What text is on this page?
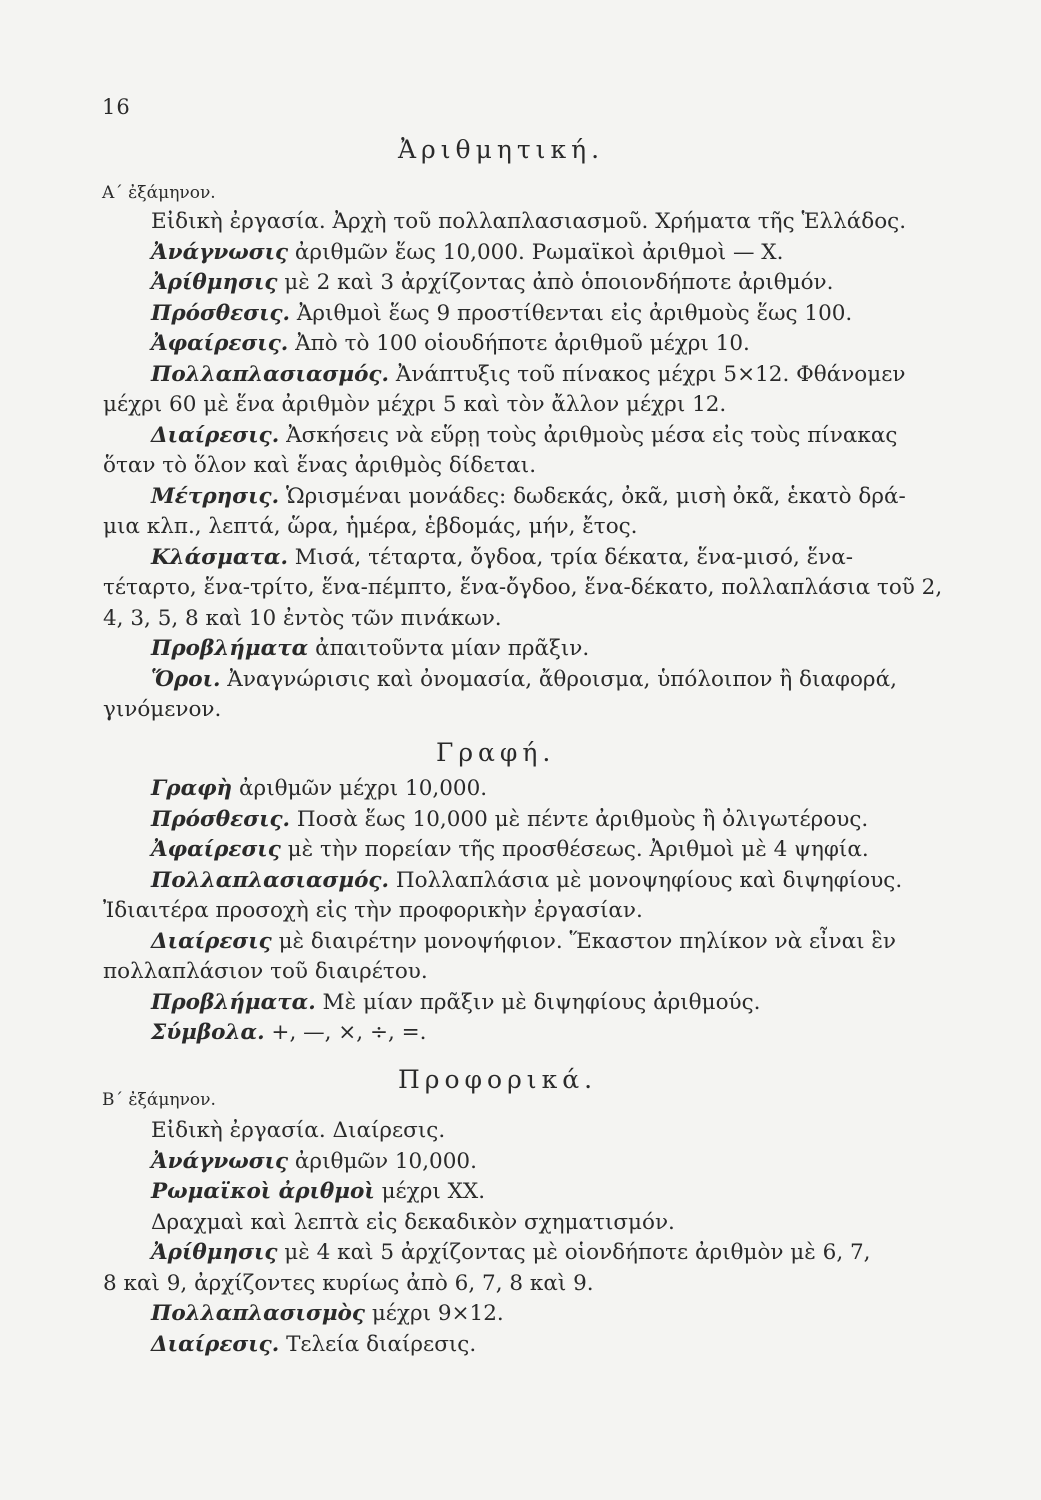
16
Ἀριθμητική.
Α΄ ἐξάμηνον.
Εἰδικὴ ἐργασία. Ἀρχὴ τοῦ πολλαπλασιασμοῦ. Χρήματα τῆς Ἑλλάδος.
Ἀνάγνωσις ἀριθμῶν ἕως 10,000. Ρωμαϊκοὶ ἀριθμοὶ — Χ.
Ἀρίθμησις μὲ 2 καὶ 3 ἀρχίζοντας ἀπὸ ὁποιονδήποτε ἀριθμόν.
Πρόσθεσις. Ἀριθμοὶ ἕως 9 προστίθενται εἰς ἀριθμοὺς ἕως 100.
Ἀφαίρεσις. Ἀπὸ τὸ 100 οἱουδήποτε ἀριθμοῦ μέχρι 10.
Πολλαπλασιασμός. Ἀνάπτυξις τοῦ πίνακος μέχρι 5×12. Φθάνομεν
μέχρι 60 μὲ ἕνα ἀριθμὸν μέχρι 5 καὶ τὸν ἄλλον μέχρι 12.
Διαίρεσις. Ἀσκήσεις νὰ εὕρῃ τοὺς ἀριθμοὺς μέσα εἰς τοὺς πίνακας
ὅταν τὸ ὅλον καὶ ἕνας ἀριθμὸς δίδεται.
Μέτρησις. Ὡρισμέναι μονάδες: δωδεκάς, ὀκᾶ, μισὴ ὀκᾶ, ἑκατὸ δρά-
μια κλπ., λεπτά, ὥρα, ἡμέρα, ἑβδομάς, μήν, ἔτος.
Κλάσματα. Μισά, τέταρτα, ὄγδοα, τρία δέκατα, ἕνα-μισό, ἕνα-
τέταρτο, ἕνα-τρίτο, ἕνα-πέμπτο, ἕνα-ὄγδοο, ἕνα-δέκατο, πολλαπλάσια τοῦ 2,
4, 3, 5, 8 καὶ 10 ἐντὸς τῶν πινάκων.
Προβλήματα ἀπαιτοῦντα μίαν πρᾶξιν.
Ὅροι. Ἀναγνώρισις καὶ ὀνομασία, ἄθροισμα, ὑπόλοιπον ἢ διαφορά,
γινόμενον.
Γραφή.
Γραφὴ ἀριθμῶν μέχρι 10,000.
Πρόσθεσις. Ποσὰ ἕως 10,000 μὲ πέντε ἀριθμοὺς ἢ ὀλιγωτέρους.
Ἀφαίρεσις μὲ τὴν πορείαν τῆς προσθέσεως. Ἀριθμοὶ μὲ 4 ψηφία.
Πολλαπλασιασμός. Πολλαπλάσια μὲ μονοψηφίους καὶ διψηφίους.
Ἰδιαιτέρα προσοχὴ εἰς τὴν προφορικὴν ἐργασίαν.
Διαίρεσις μὲ διαιρέτην μονοψήφιον. Ἕκαστον πηλίκον νὰ εἶναι ἓν
πολλαπλάσιον τοῦ διαιρέτου.
Προβλήματα. Μὲ μίαν πρᾶξιν μὲ διψηφίους ἀριθμούς.
Σύμβολα. +, —, ×, ÷, =.
Προφορικά.
Β΄ ἐξάμηνον.
Εἰδικὴ ἐργασία. Διαίρεσις.
Ἀνάγνωσις ἀριθμῶν 10,000.
Ρωμαϊκοὶ ἀριθμοὶ μέχρι ΧΧ.
Δραχμαὶ καὶ λεπτὰ εἰς δεκαδικὸν σχηματισμόν.
Ἀρίθμησις μὲ 4 καὶ 5 ἀρχίζοντας μὲ οἱονδήποτε ἀριθμὸν μὲ 6, 7,
8 καὶ 9, ἀρχίζοντες κυρίως ἀπὸ 6, 7, 8 καὶ 9.
Πολλαπλασισμὸς μέχρι 9×12.
Διαίρεσις. Τελεία διαίρεσις.
